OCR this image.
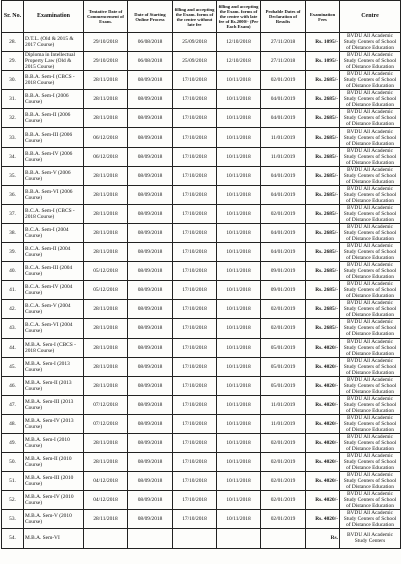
Sr. No.	Examination	Tentative Date of Commencement of Exam.	Date of Starting Online Process	filling and accepting the Exam. forms of the centre without late fee	filling and accepting the Exam. forms of the centre with late fee of Rs.2000/- (Per Each Exam)	Probable Dates of Declaration of Results	Examination Fees	Centre
28.	D.T.L. (Old & 2015 & 2017 Course)	29/10/2018	06/08/2018	25/09/2018	12/10/2018	27/11/2018	Rs. 1095/-	BVDU All Academic Study Centers of School of Distance Education
29.	Diploma in Intellectual Property Law (Old & 2015 Course)	29/10/2018	06/08/2018	25/09/2018	12/10/2018	27/11/2018	Rs. 1095/-	BVDU All Academic Study Centers of School of Distance Education
30.	B.B.A. Sem-I (CBCS - 2018 Course)	28/11/2018	08/09/2018	17/10/2018	10/11/2018	02/01/2019	Rs. 2685/-	BVDU All Academic Study Centers of School of Distance Education
31.	B.B.A. Sem-I (2006 Course)	28/11/2018	08/09/2018	17/10/2018	10/11/2018	04/01/2019	Rs. 2685/-	BVDU All Academic Study Centers of School of Distance Education
32.	B.B.A. Sem-II (2006 Course)	28/11/2018	08/09/2018	17/10/2018	10/11/2018	04/01/2019	Rs. 2685/-	BVDU All Academic Study Centers of School of Distance Education
33.	B.B.A. Sem-III (2006 Course)	06/12/2018	08/09/2018	17/10/2018	10/11/2018	11/01/2019	Rs. 2685/-	BVDU All Academic Study Centers of School of Distance Education
34.	B.B.A. Sem-IV (2006 Course)	06/12/2018	08/09/2018	17/10/2018	10/11/2018	11/01/2019	Rs. 2685/-	BVDU All Academic Study Centers of School of Distance Education
35.	B.B.A. Sem-V (2006 Course)	28/11/2018	08/09/2018	17/10/2018	10/11/2018	04/01/2019	Rs. 2685/-	BVDU All Academic Study Centers of School of Distance Education
36.	B.B.A. Sem-VI (2006 Course)	28/11/2018	08/09/2018	17/10/2018	10/11/2018	04/01/2019	Rs. 2685/-	BVDU All Academic Study Centers of School of Distance Education
37.	B.C.A. Sem-I (CBCS - 2018 Course)	28/11/2018	08/09/2018	17/10/2018	10/11/2018	02/01/2019	Rs. 2685/-	BVDU All Academic Study Centers of School of Distance Education
38.	B.C.A. Sem-I (2004 Course)	28/11/2018	08/09/2018	17/10/2018	10/11/2018	04/01/2019	Rs. 2685/-	BVDU All Academic Study Centers of School of Distance Education
39.	B.C.A. Sem-II (2004 Course)	28/11/2018	08/09/2018	17/10/2018	10/11/2018	04/01/2019	Rs. 2685/-	BVDU All Academic Study Centers of School of Distance Education
40.	B.C.A. Sem-III (2004 Course)	05/12/2018	08/09/2018	17/10/2018	10/11/2018	09/01/2019	Rs. 2685/-	BVDU All Academic Study Centers of School of Distance Education
41.	B.C.A. Sem-IV (2004 Course)	05/12/2018	08/09/2018	17/10/2018	10/11/2018	09/01/2019	Rs. 2685/-	BVDU All Academic Study Centers of School of Distance Education
42.	B.C.A. Sem-V (2004 Course)	28/11/2018	08/09/2018	17/10/2018	10/11/2018	02/01/2019	Rs. 2685/-	BVDU All Academic Study Centers of School of Distance Education
43.	B.C.A. Sem-VI (2004 Course)	28/11/2018	08/09/2018	17/10/2018	10/11/2018	02/01/2019	Rs. 2685/-	BVDU All Academic Study Centers of School of Distance Education
44.	M.B.A. Sem-I (CBCS - 2018 Course)	28/11/2018	08/09/2018	17/10/2018	10/11/2018	05/01/2019	Rs. 4020/-	BVDU All Academic Study Centers of School of Distance Education
45.	M.B.A. Sem-I (2013 Course)	28/11/2018	08/09/2018	17/10/2018	10/11/2018	05/01/2019	Rs. 4020/-	BVDU All Academic Study Centers of School of Distance Education
46.	M.B.A. Sem-II (2013 Course)	28/11/2018	08/09/2018	17/10/2018	10/11/2018	05/01/2019	Rs. 4020/-	BVDU All Academic Study Centers of School of Distance Education
47.	M.B.A. Sem-III (2013 Course)	07/12/2018	08/09/2018	17/10/2018	10/11/2018	11/01/2019	Rs. 4020/-	BVDU All Academic Study Centers of School of Distance Education
48.	M.B.A. Sem-IV (2013 Course)	07/12/2018	08/09/2018	17/10/2018	10/11/2018	11/01/2019	Rs. 4020/-	BVDU All Academic Study Centers of School of Distance Education
49.	M.B.A. Sem-I (2010 Course)	28/11/2018	08/09/2018	17/10/2018	10/11/2018	02/01/2019	Rs. 4020/-	BVDU All Academic Study Centers of School of Distance Education
50.	M.B.A. Sem-II (2010 Course)	28/11/2018	08/09/2018	17/10/2018	10/11/2018	02/01/2019	Rs. 4020/-	BVDU All Academic Study Centers of School of Distance Education
51.	M.B.A. Sem-III (2010 Course)	04/12/2018	08/09/2018	17/10/2018	10/11/2018	02/01/2019	Rs. 4020/-	BVDU All Academic Study Centers of School of Distance Education
52.	M.B.A. Sem-IV (2010 Course)	04/12/2018	08/09/2018	17/10/2018	10/11/2018	02/01/2019	Rs. 4020/-	BVDU All Academic Study Centers of School of Distance Education
53.	M.B.A. Sem-V (2010 Course)	28/11/2018	08/09/2018	17/10/2018	10/11/2018	02/01/2019	Rs. 4020/-	BVDU All Academic Study Centers of School of Distance Education
54.	M.B.A. Sem-VI						Rs.	BVDU All Academic Study Centers
